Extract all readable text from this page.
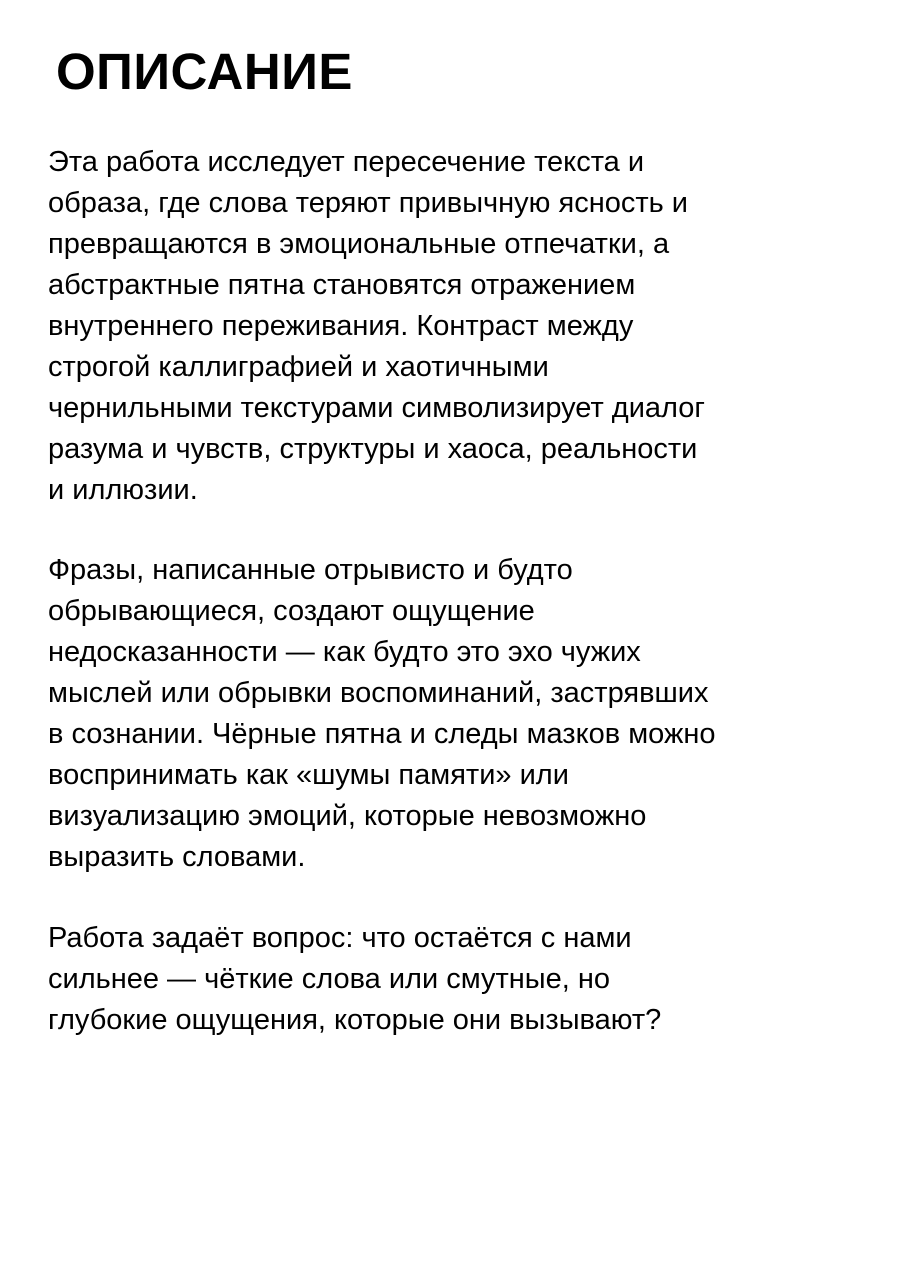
ОПИСАНИЕ

Эта работа исследует пересечение текста и
образа, где слова теряют привычную ясность и
превращаются в эмоциональные отпечатки, а
абстрактные пятна становятся отражением
внутреннего переживания. Контраст между
строгой каллиграфией и хаотичными
чернильными текстурами символизирует диалог
разума и чувств, структуры и хаоса, реальности
и иллюзии.

Фразы, написанные отрывисто и будто
обрывающиеся, создают ощущение
недосказанности — как будто это эхо чужих
мыслей или обрывки воспоминаний, застрявших
в сознании. Чёрные пятна и следы мазков можно
воспринимать как «шумы памяти» или
визуализацию эмоций, которые невозможно
выразить словами.

Работа задаёт вопрос: что остаётся с нами
сильнее — чёткие слова или смутные, но
глубокие ощущения, которые они вызывают?
